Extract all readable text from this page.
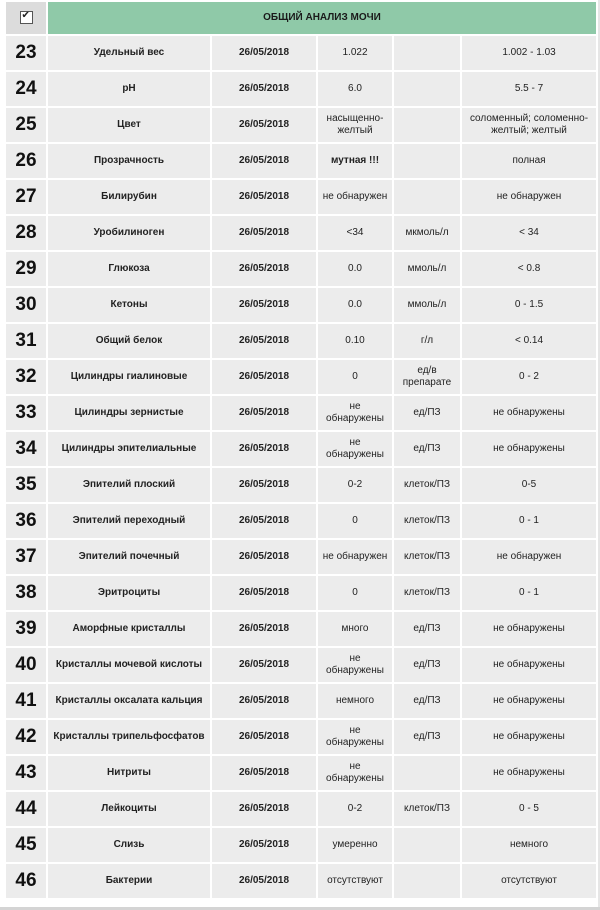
✔	ОБЩИЙ АНАЛИЗ МОЧИ				
23	Удельный вес	26/05/2018	1.022		1.002 - 1.03
24	pH	26/05/2018	6.0		5.5 - 7
25	Цвет	26/05/2018	насыщенно-желтый		соломенный; соломенно-желтый; желтый
26	Прозрачность	26/05/2018	мутная !!!		полная
27	Билирубин	26/05/2018	не обнаружен		не обнаружен
28	Уробилиноген	26/05/2018	<34	мкмоль/л	< 34
29	Глюкоза	26/05/2018	0.0	ммоль/л	< 0.8
30	Кетоны	26/05/2018	0.0	ммоль/л	0 - 1.5
31	Общий белок	26/05/2018	0.10	г/л	< 0.14
32	Цилиндры гиалиновые	26/05/2018	0	ед/в препарате	0 - 2
33	Цилиндры зернистые	26/05/2018	не обнаружены	ед/ПЗ	не обнаружены
34	Цилиндры эпителиальные	26/05/2018	не обнаружены	ед/ПЗ	не обнаружены
35	Эпителий плоский	26/05/2018	0-2	клеток/ПЗ	0-5
36	Эпителий переходный	26/05/2018	0	клеток/ПЗ	0 - 1
37	Эпителий почечный	26/05/2018	не обнаружен	клеток/ПЗ	не обнаружен
38	Эритроциты	26/05/2018	0	клеток/ПЗ	0 - 1
39	Аморфные кристаллы	26/05/2018	много	ед/ПЗ	не обнаружены
40	Кристаллы мочевой кислоты	26/05/2018	не обнаружены	ед/ПЗ	не обнаружены
41	Кристаллы оксалата кальция	26/05/2018	немного	ед/ПЗ	не обнаружены
42	Кристаллы трипельфосфатов	26/05/2018	не обнаружены	ед/ПЗ	не обнаружены
43	Нитриты	26/05/2018	не обнаружены		не обнаружены
44	Лейкоциты	26/05/2018	0-2	клеток/ПЗ	0 - 5
45	Слизь	26/05/2018	умеренно		немного
46	Бактерии	26/05/2018	отсутствуют		отсутствуют
